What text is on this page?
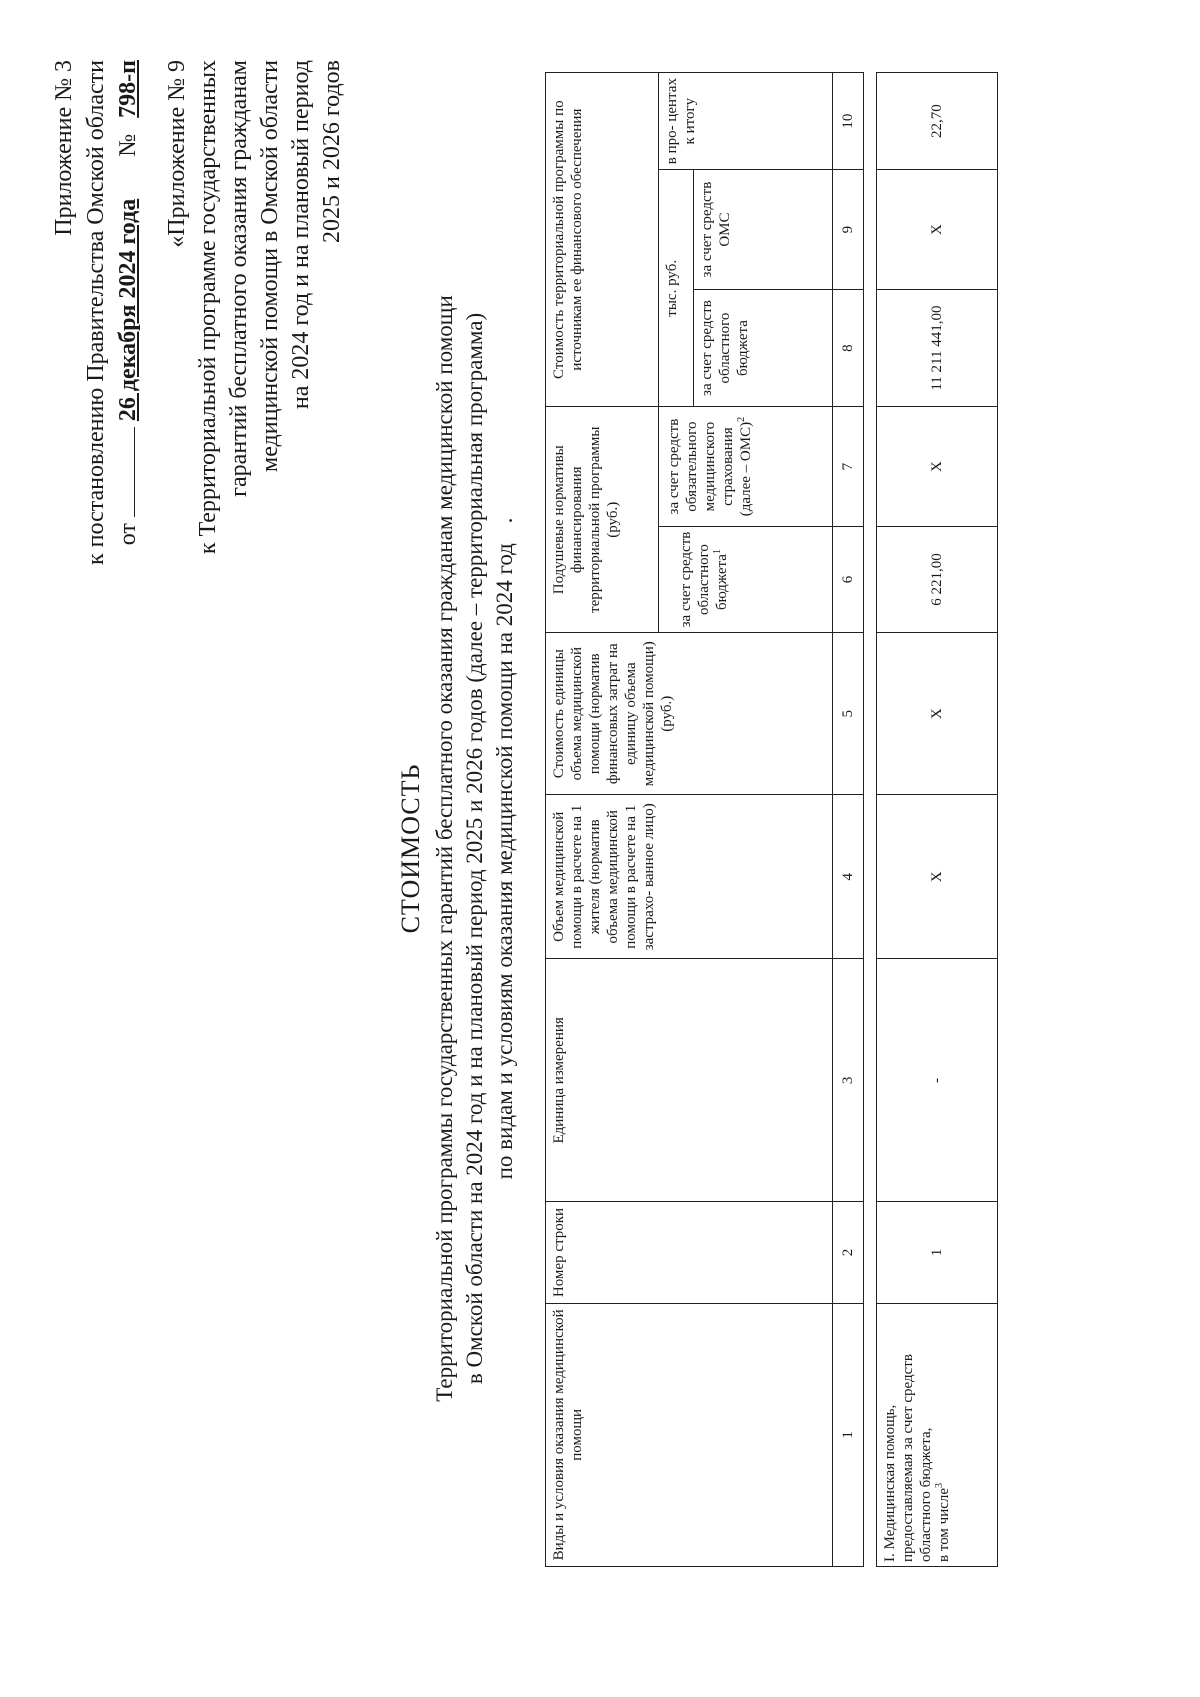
Приложение № 3 к постановлению Правительства Омской области от  26 декабря 2024 года  № 798-п «Приложение № 9 к Территориальной программе государственных гарантий бесплатного оказания гражданам медицинской помощи в Омской области на 2024 год и на плановый период 2025 и 2026 годов
СТОИМОСТЬ Территориальной программы государственных гарантий бесплатного оказания гражданам медицинской помощи в Омской области на 2024 год и на плановый период 2025 и 2026 годов (далее – территориальная программа) по видам и условиям оказания медицинской помощи на 2024 год .
Виды и условия оказания медицинской помощи	Номер строки	Единица измерения	Объем медицинской помощи в расчете на 1 жителя (норматив объема медицинской помощи в расчете на 1 застрахо- ванное лицо)	Стоимость единицы объема медицинской помощи (норматив финансовых затрат на единицу объема медицинской помощи) (руб.)	Подушевые нормативы финансирования территориальной программы (руб.)		Стоимость территориальной программы по источникам ее финансового обеспечения		
					за счет средств областного бюджета$^1$	за счет средств обязательного медицинского страхования (далее – ОМС)$^2$	тыс. руб.		в про- центах к итогу
							за счет средств областного бюджета	за счет средств ОМС	
1	2	3	4	5	6	7	8	9	10

I. Медицинская помощь, предоставляемая за счет средств областного бюджета, в том числе$^3$	1	-	Х	Х	6 221,00	Х	11 211 441,00	Х	22,70
